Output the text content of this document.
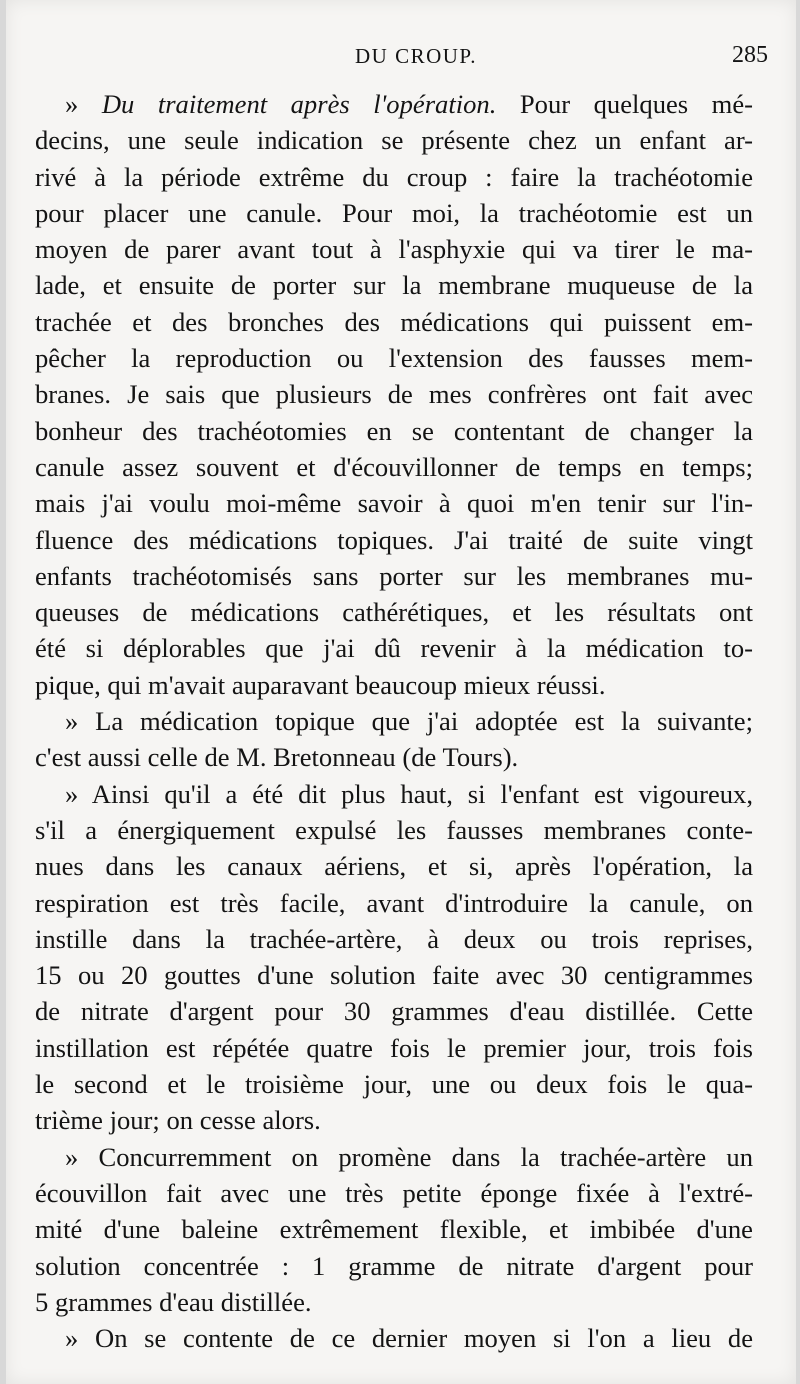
DU CROUP.	285
» Du traitement après l'opération. Pour quelques mé-
decins, une seule indication se présente chez un enfant ar-
rivé à la période extrême du croup : faire la trachéotomie
pour placer une canule. Pour moi, la trachéotomie est un
moyen de parer avant tout à l'asphyxie qui va tirer le ma-
lade, et ensuite de porter sur la membrane muqueuse de la
trachée et des bronches des médications qui puissent em-
pêcher la reproduction ou l'extension des fausses mem-
branes. Je sais que plusieurs de mes confrères ont fait avec
bonheur des trachéotomies en se contentant de changer la
canule assez souvent et d'écouvillonner de temps en temps;
mais j'ai voulu moi-même savoir à quoi m'en tenir sur l'in-
fluence des médications topiques. J'ai traité de suite vingt
enfants trachéotomisés sans porter sur les membranes mu-
queuses de médications cathérétiques, et les résultats ont
été si déplorables que j'ai dû revenir à la médication to-
pique, qui m'avait auparavant beaucoup mieux réussi.
» La médication topique que j'ai adoptée est la suivante;
c'est aussi celle de M. Bretonneau (de Tours).
» Ainsi qu'il a été dit plus haut, si l'enfant est vigoureux,
s'il a énergiquement expulsé les fausses membranes conte-
nues dans les canaux aériens, et si, après l'opération, la
respiration est très facile, avant d'introduire la canule, on
instille dans la trachée-artère, à deux ou trois reprises,
15 ou 20 gouttes d'une solution faite avec 30 centigrammes
de nitrate d'argent pour 30 grammes d'eau distillée. Cette
instillation est répétée quatre fois le premier jour, trois fois
le second et le troisième jour, une ou deux fois le qua-
trième jour; on cesse alors.
» Concurremment on promène dans la trachée-artère un
écouvillon fait avec une très petite éponge fixée à l'extré-
mité d'une baleine extrêmement flexible, et imbibée d'une
solution concentrée : 1 gramme de nitrate d'argent pour
5 grammes d'eau distillée.
» On se contente de ce dernier moyen si l'on a lieu de
